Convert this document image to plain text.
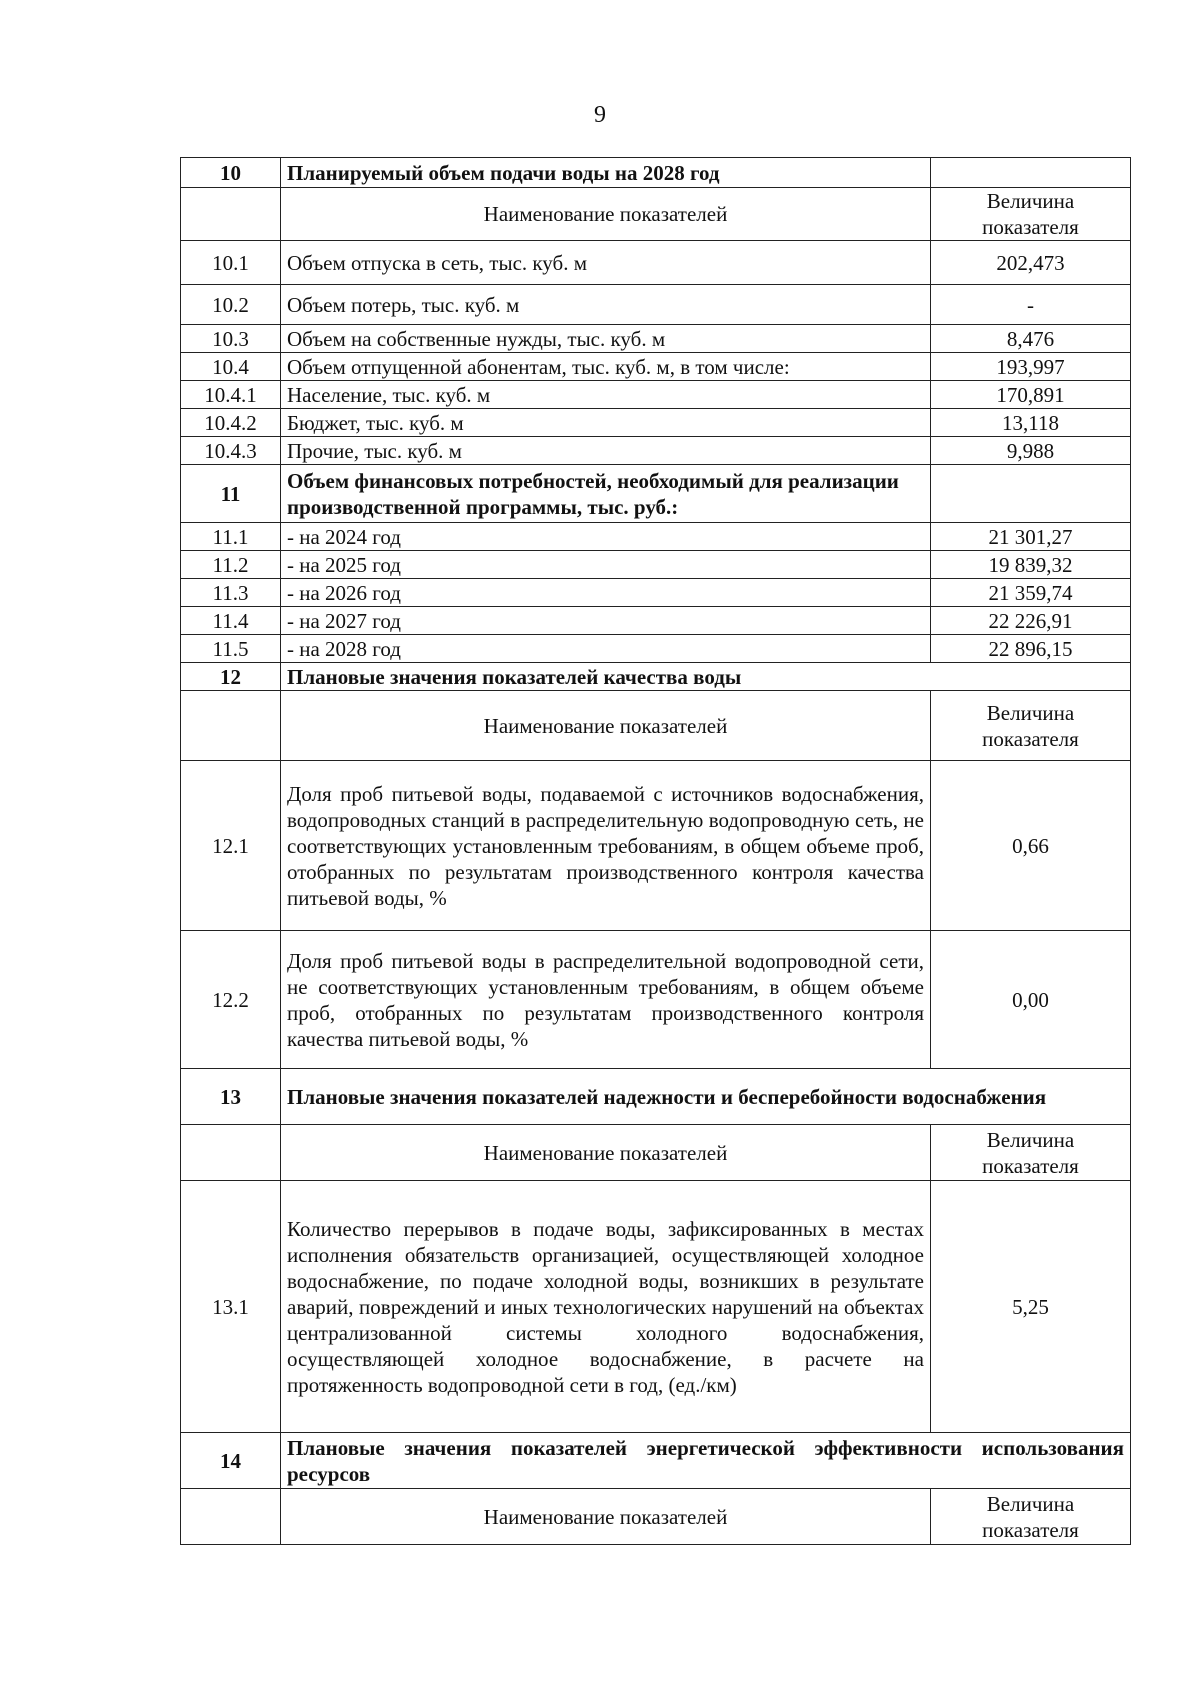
9
10	Планируемый объем подачи воды на 2028 год	
	Наименование показателей	Величина показателя
10.1	Объем отпуска в сеть, тыс. куб. м	202,473
10.2	Объем потерь, тыс. куб. м	-
10.3	Объем на собственные нужды, тыс. куб. м	8,476
10.4	Объем отпущенной абонентам, тыс. куб. м, в том числе:	193,997
10.4.1	Население, тыс. куб. м	170,891
10.4.2	Бюджет, тыс. куб. м	13,118
10.4.3	Прочие, тыс. куб. м	9,988
11	Объем финансовых потребностей, необходимый для реализации производственной программы, тыс. руб.:	
11.1	- на 2024 год	21 301,27
11.2	- на 2025 год	19 839,32
11.3	- на 2026 год	21 359,74
11.4	- на 2027 год	22 226,91
11.5	- на 2028 год	22 896,15
12	Плановые значения показателей качества воды	
	Наименование показателей	Величина показателя
12.1	Доля проб питьевой воды, подаваемой с источников водоснабжения, водопроводных станций в распределительную водопроводную сеть, не соответствующих установленным требованиям, в общем объеме проб, отобранных по результатам производственного контроля качества питьевой воды, %	0,66
12.2	Доля проб питьевой воды в распределительной водопроводной сети, не соответствующих установленным требованиям, в общем объеме проб, отобранных по результатам производственного контроля качества питьевой воды, %	0,00
13	Плановые значения показателей надежности и бесперебойности водоснабжения	
	Наименование показателей	Величина показателя
13.1	Количество перерывов в подаче воды, зафиксированных в местах исполнения обязательств организацией, осуществляющей холодное водоснабжение, по подаче холодной воды, возникших в результате аварий, повреждений и иных технологических нарушений на объектах централизованной системы холодного водоснабжения, осуществляющей холодное водоснабжение, в расчете на протяженность водопроводной сети в год, (ед./км)	5,25
14	Плановые значения показателей энергетической эффективности использования ресурсов	
	Наименование показателей	Величина показателя
